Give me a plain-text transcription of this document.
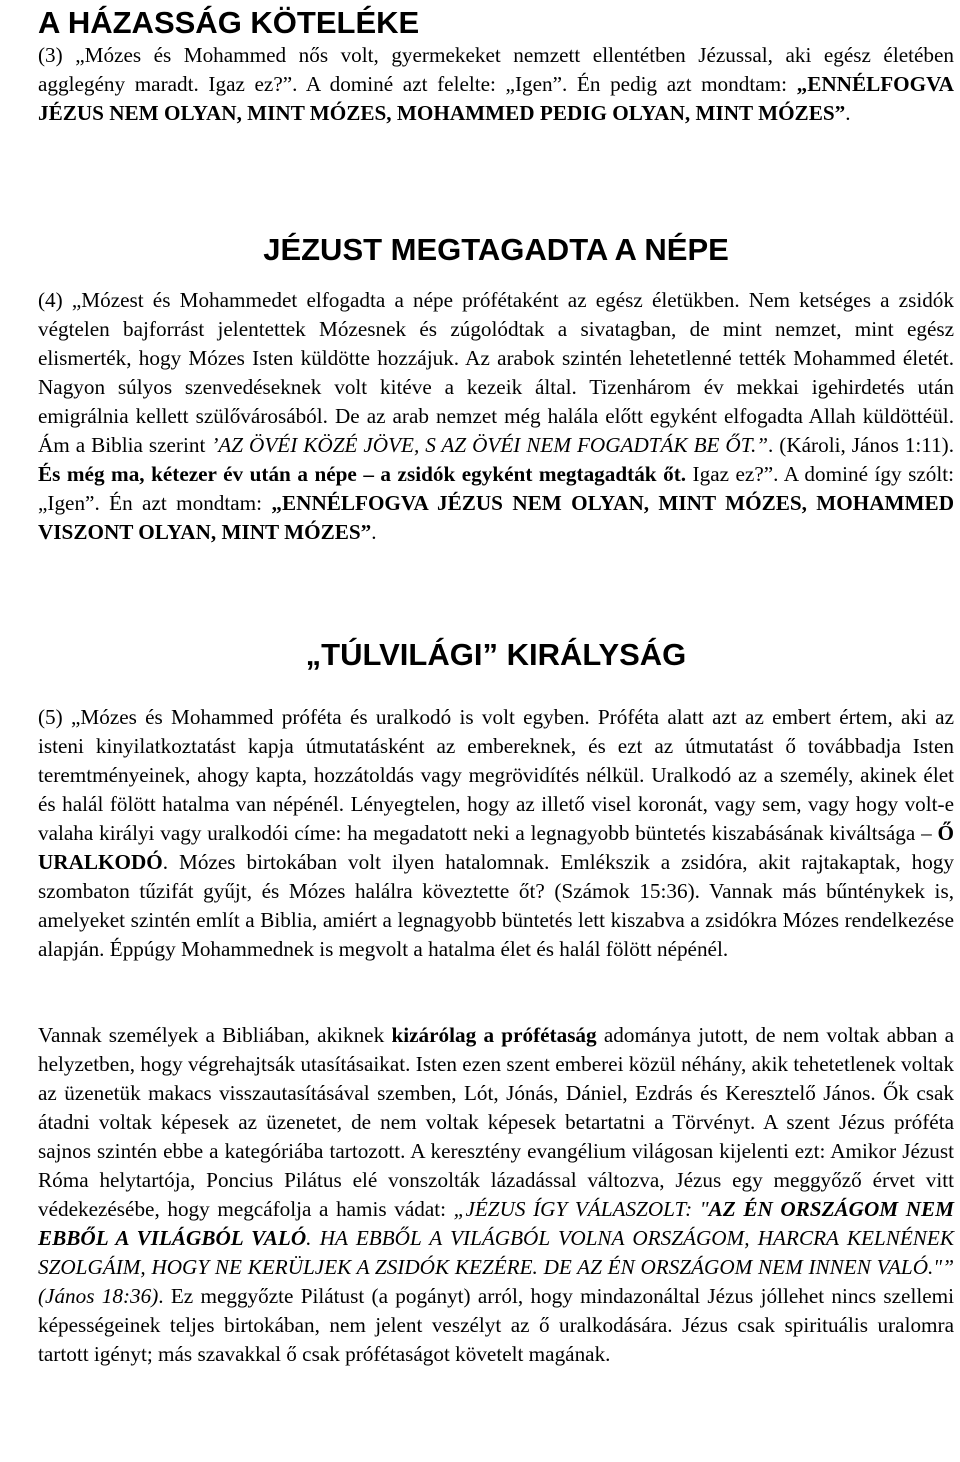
A HÁZASSÁG KÖTELÉKE

(3) „Mózes és Mohammed nős volt, gyermekeket nemzett ellentétben Jézussal, aki egész életében agglegény maradt. Igaz ez?”. A dominé azt felelte: „Igen”. Én pedig azt mondtam: „ENNÉLFOGVA JÉZUS NEM OLYAN, MINT MÓZES, MOHAMMED PEDIG OLYAN, MINT MÓZES”.

JÉZUST MEGTAGADTA A NÉPE

(4) „Mózest és Mohammedet elfogadta a népe prófétaként az egész életükben. Nem ketséges a zsidók végtelen bajforrást jelentettek Mózesnek és zúgolódtak a sivatagban, de mint nemzet, mint egész elismerték, hogy Mózes Isten küldötte hozzájuk. Az arabok szintén lehetetlenné tették Mohammed életét. Nagyon súlyos szenvedéseknek volt kitéve a kezeik által. Tizenhárom év mekkai igehirdetés után emigrálnia kellett szülővárosából. De az arab nemzet még halála előtt egyként elfogadta Allah küldöttéül. Ám a Biblia szerint ’AZ ÖVÉI KÖZÉ JÖVE, S AZ ÖVÉI NEM FOGADTÁK BE ŐT.”. (Károli, János 1:11). És még ma, kétezer év után a népe – a zsidók egyként megtagadták őt. Igaz ez?”. A dominé így szólt: „Igen”. Én azt mondtam: „ENNÉLFOGVA JÉZUS NEM OLYAN, MINT MÓZES, MOHAMMED VISZONT OLYAN, MINT MÓZES”.

„TÚLVILÁGI” KIRÁLYSÁG

(5) „Mózes és Mohammed próféta és uralkodó is volt egyben. Próféta alatt azt az embert értem, aki az isteni kinyilatkoztatást kapja útmutatásként az embereknek, és ezt az útmutatást ő továbbadja Isten teremtményeinek, ahogy kapta, hozzátoldás vagy megrövidítés nélkül. Uralkodó az a személy, akinek élet és halál fölött hatalma van népénél. Lényegtelen, hogy az illető visel koronát, vagy sem, vagy hogy volt-e valaha királyi vagy uralkodói címe: ha megadatott neki a legnagyobb büntetés kiszabásának kiváltsága – Ő URALKODÓ. Mózes birtokában volt ilyen hatalomnak. Emlékszik a zsidóra, akit rajtakaptak, hogy szombaton tűzifát gyűjt, és Mózes halálra köveztette őt? (Számok 15:36). Vannak más bűnténykek is, amelyeket szintén említ a Biblia, amiért a legnagyobb büntetés lett kiszabva a zsidókra Mózes rendelkezése alapján. Éppúgy Mohammednek is megvolt a hatalma élet és halál fölött népénél.

Vannak személyek a Bibliában, akiknek kizárólag a prófétaság adománya jutott, de nem voltak abban a helyzetben, hogy végrehajtsák utasításaikat. Isten ezen szent emberei közül néhány, akik tehetetlenek voltak az üzenetük makacs visszautasításával szemben, Lót, Jónás, Dániel, Ezdrás és Keresztelő János. Ők csak átadni voltak képesek az üzenetet, de nem voltak képesek betartatni a Törvényt. A szent Jézus próféta sajnos szintén ebbe a kategóriába tartozott. A keresztény evangélium világosan kijelenti ezt: Amikor Jézust Róma helytartója, Poncius Pilátus elé vonszolták lázadással változva, Jézus egy meggyőző érvet vitt védekezésébe, hogy megcáfolja a hamis vádat: „JÉZUS ÍGY VÁLASZOLT: "AZ ÉN ORSZÁGOM NEM EBBŐL A VILÁGBÓL VALÓ. HA EBBŐL A VILÁGBÓL VOLNA ORSZÁGOM, HARCRA KELNÉNEK SZOLGÁIM, HOGY NE KERÜLJEK A ZSIDÓK KEZÉRE. DE AZ ÉN ORSZÁGOM NEM INNEN VALÓ."” (János 18:36). Ez meggyőzte Pilátust (a pogányt) arról, hogy mindazonáltal Jézus jóllehet nincs szellemi képességeinek teljes birtokában, nem jelent veszélyt az ő uralkodására. Jézus csak spirituális uralomra tartott igényt; más szavakkal ő csak prófétaságot követelt magának.
